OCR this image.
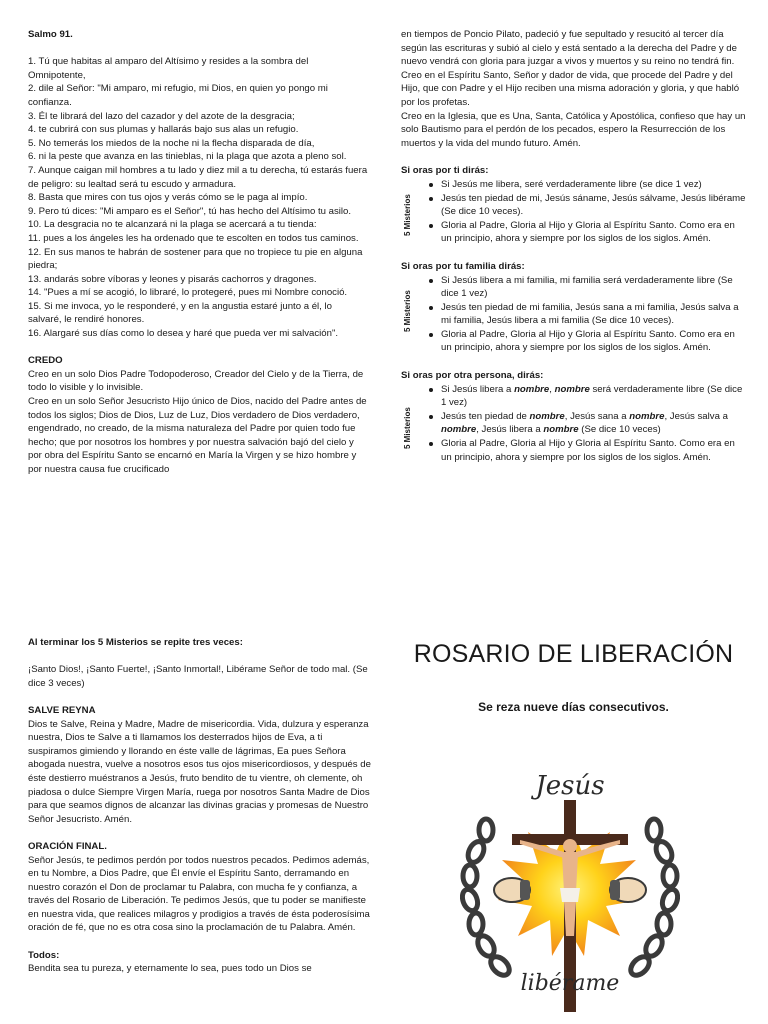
Salmo 91.

1. Tú que habitas al amparo del Altísimo y resides a la sombra del Omnipotente,

2. dile al Señor: "Mi amparo, mi refugio, mi Dios, en quien yo pongo mi confianza.

3. Él te librará del lazo del cazador y del azote de la desgracia;

4. te cubrirá con sus plumas y hallarás bajo sus alas un refugio.

5. No temerás los miedos de la noche ni la flecha disparada de día,

6. ni la peste que avanza en las tinieblas, ni la plaga que azota a pleno sol.

7. Aunque caigan mil hombres a tu lado y diez mil a tu derecha, tú estarás fuera de peligro: su lealtad será tu escudo y armadura.

8. Basta que mires con tus ojos y verás cómo se le paga al impío.

9. Pero tú dices: "Mi amparo es el Señor", tú has hecho del Altísimo tu asilo.

10. La desgracia no te alcanzará ni la plaga se acercará a tu tienda:

11. pues a los ángeles les ha ordenado que te escolten en todos tus caminos.

12. En sus manos te habrán de sostener para que no tropiece tu pie en alguna piedra;

13. andarás sobre víboras y leones y pisarás cachorros y dragones.

14. "Pues a mí se acogió, lo libraré, lo protegeré, pues mi Nombre conoció.

15. Si me invoca, yo le responderé, y en la angustia estaré junto a él, lo salvaré, le rendiré honores.

16. Alargaré sus días como lo desea y haré que pueda ver mi salvación".

CREDO

Creo en un solo Dios Padre Todopoderoso, Creador del Cielo y de la Tierra, de todo lo visible y lo invisible.

Creo en un solo Señor Jesucristo Hijo único de Dios, nacido del Padre antes de todos los siglos; Dios de Dios, Luz de Luz, Dios verdadero de Dios verdadero, engendrado, no creado, de la misma naturaleza del Padre por quien todo fue hecho; que por nosotros los hombres y por nuestra salvación bajó del cielo y por obra del Espíritu Santo se encarnó en María la Virgen y se hizo hombre y por nuestra causa fue crucificado

en tiempos de Poncio Pilato, padeció y fue sepultado y resucitó al tercer día según las escrituras y subió al cielo y está sentado a la derecha del Padre y de nuevo vendrá con gloria para juzgar a vivos y muertos y su reino no tendrá fin.

Creo en el Espíritu Santo, Señor y dador de vida, que procede del Padre y del Hijo, que con Padre y el Hijo reciben una misma adoración y gloria, y que habló por los profetas.

Creo en la Iglesia, que es Una, Santa, Católica y Apostólica, confieso que hay un solo Bautismo para el perdón de los pecados, espero la Resurrección de los muertos y la vida del mundo futuro. Amén.

Si oras por ti dirás:

5 Misterios
Si Jesús me libera, seré verdaderamente libre (se dice 1 vez)
Jesús ten piedad de mi, Jesús sáname, Jesús sálvame, Jesús libérame (Se dice 10 veces).
Gloria al Padre, Gloria al Hijo y Gloria al Espíritu Santo. Como era en un principio, ahora y siempre por los siglos de los siglos. Amén.

Si oras por tu familia dirás:

5 Misterios
Si Jesús libera a mi familia, mi familia será verdaderamente libre (Se dice 1 vez)
Jesús ten piedad de mi familia, Jesús sana a mi familia, Jesús salva a mi familia, Jesús libera a mi familia (Se dice 10 veces).
Gloria al Padre, Gloria al Hijo y Gloria al Espíritu Santo. Como era en un principio, ahora y siempre por los siglos de los siglos. Amén.

Si oras por otra persona, dirás:

5 Misterios
Si Jesús libera a nombre, nombre será verdaderamente libre (Se dice 1 vez)
Jesús ten piedad de nombre, Jesús sana a nombre, Jesús salva a nombre, Jesús libera a nombre (Se dice 10 veces)
Gloria al Padre, Gloria al Hijo y Gloria al Espíritu Santo. Como era en un principio, ahora y siempre por los siglos de los siglos. Amén.

Al terminar los 5 Misterios se repite tres veces:

¡Santo Dios!, ¡Santo Fuerte!, ¡Santo Inmortal!, Libérame Señor de todo mal. (Se dice 3 veces)

SALVE REYNA

Dios te Salve, Reina y Madre, Madre de misericordia. Vida, dulzura y esperanza nuestra, Dios te Salve a ti llamamos los desterrados hijos de Eva, a ti suspiramos gimiendo y llorando en éste valle de lágrimas, Ea pues Señora abogada nuestra, vuelve a nosotros esos tus ojos misericordiosos, y después de éste destierro muéstranos a Jesús, fruto bendito de tu vientre, oh clemente, oh piadosa o dulce Siempre Virgen María, ruega por nosotros Santa Madre de Dios para que seamos dignos de alcanzar las divinas gracias y promesas de Nuestro Señor Jesucristo. Amén.

ORACIÓN FINAL.

Señor Jesús, te pedimos perdón por todos nuestros pecados. Pedimos además, en tu Nombre, a Dios Padre, que Él envíe el Espíritu Santo, derramando en nuestro corazón el Don de proclamar tu Palabra, con mucha fe y confianza, a través del Rosario de Liberación. Te pedimos Jesús, que tu poder se manifieste en nuestra vida, que realices milagros y prodigios a través de ésta poderosísima oración de fé, que no es otra cosa sino la proclamación de tu Palabra. Amén.

Todos:

Bendita sea tu pureza, y eternamente lo sea, pues todo un Dios se

ROSARIO DE LIBERACIÓN
Se reza nueve días consecutivos.
Jesús
libérame
